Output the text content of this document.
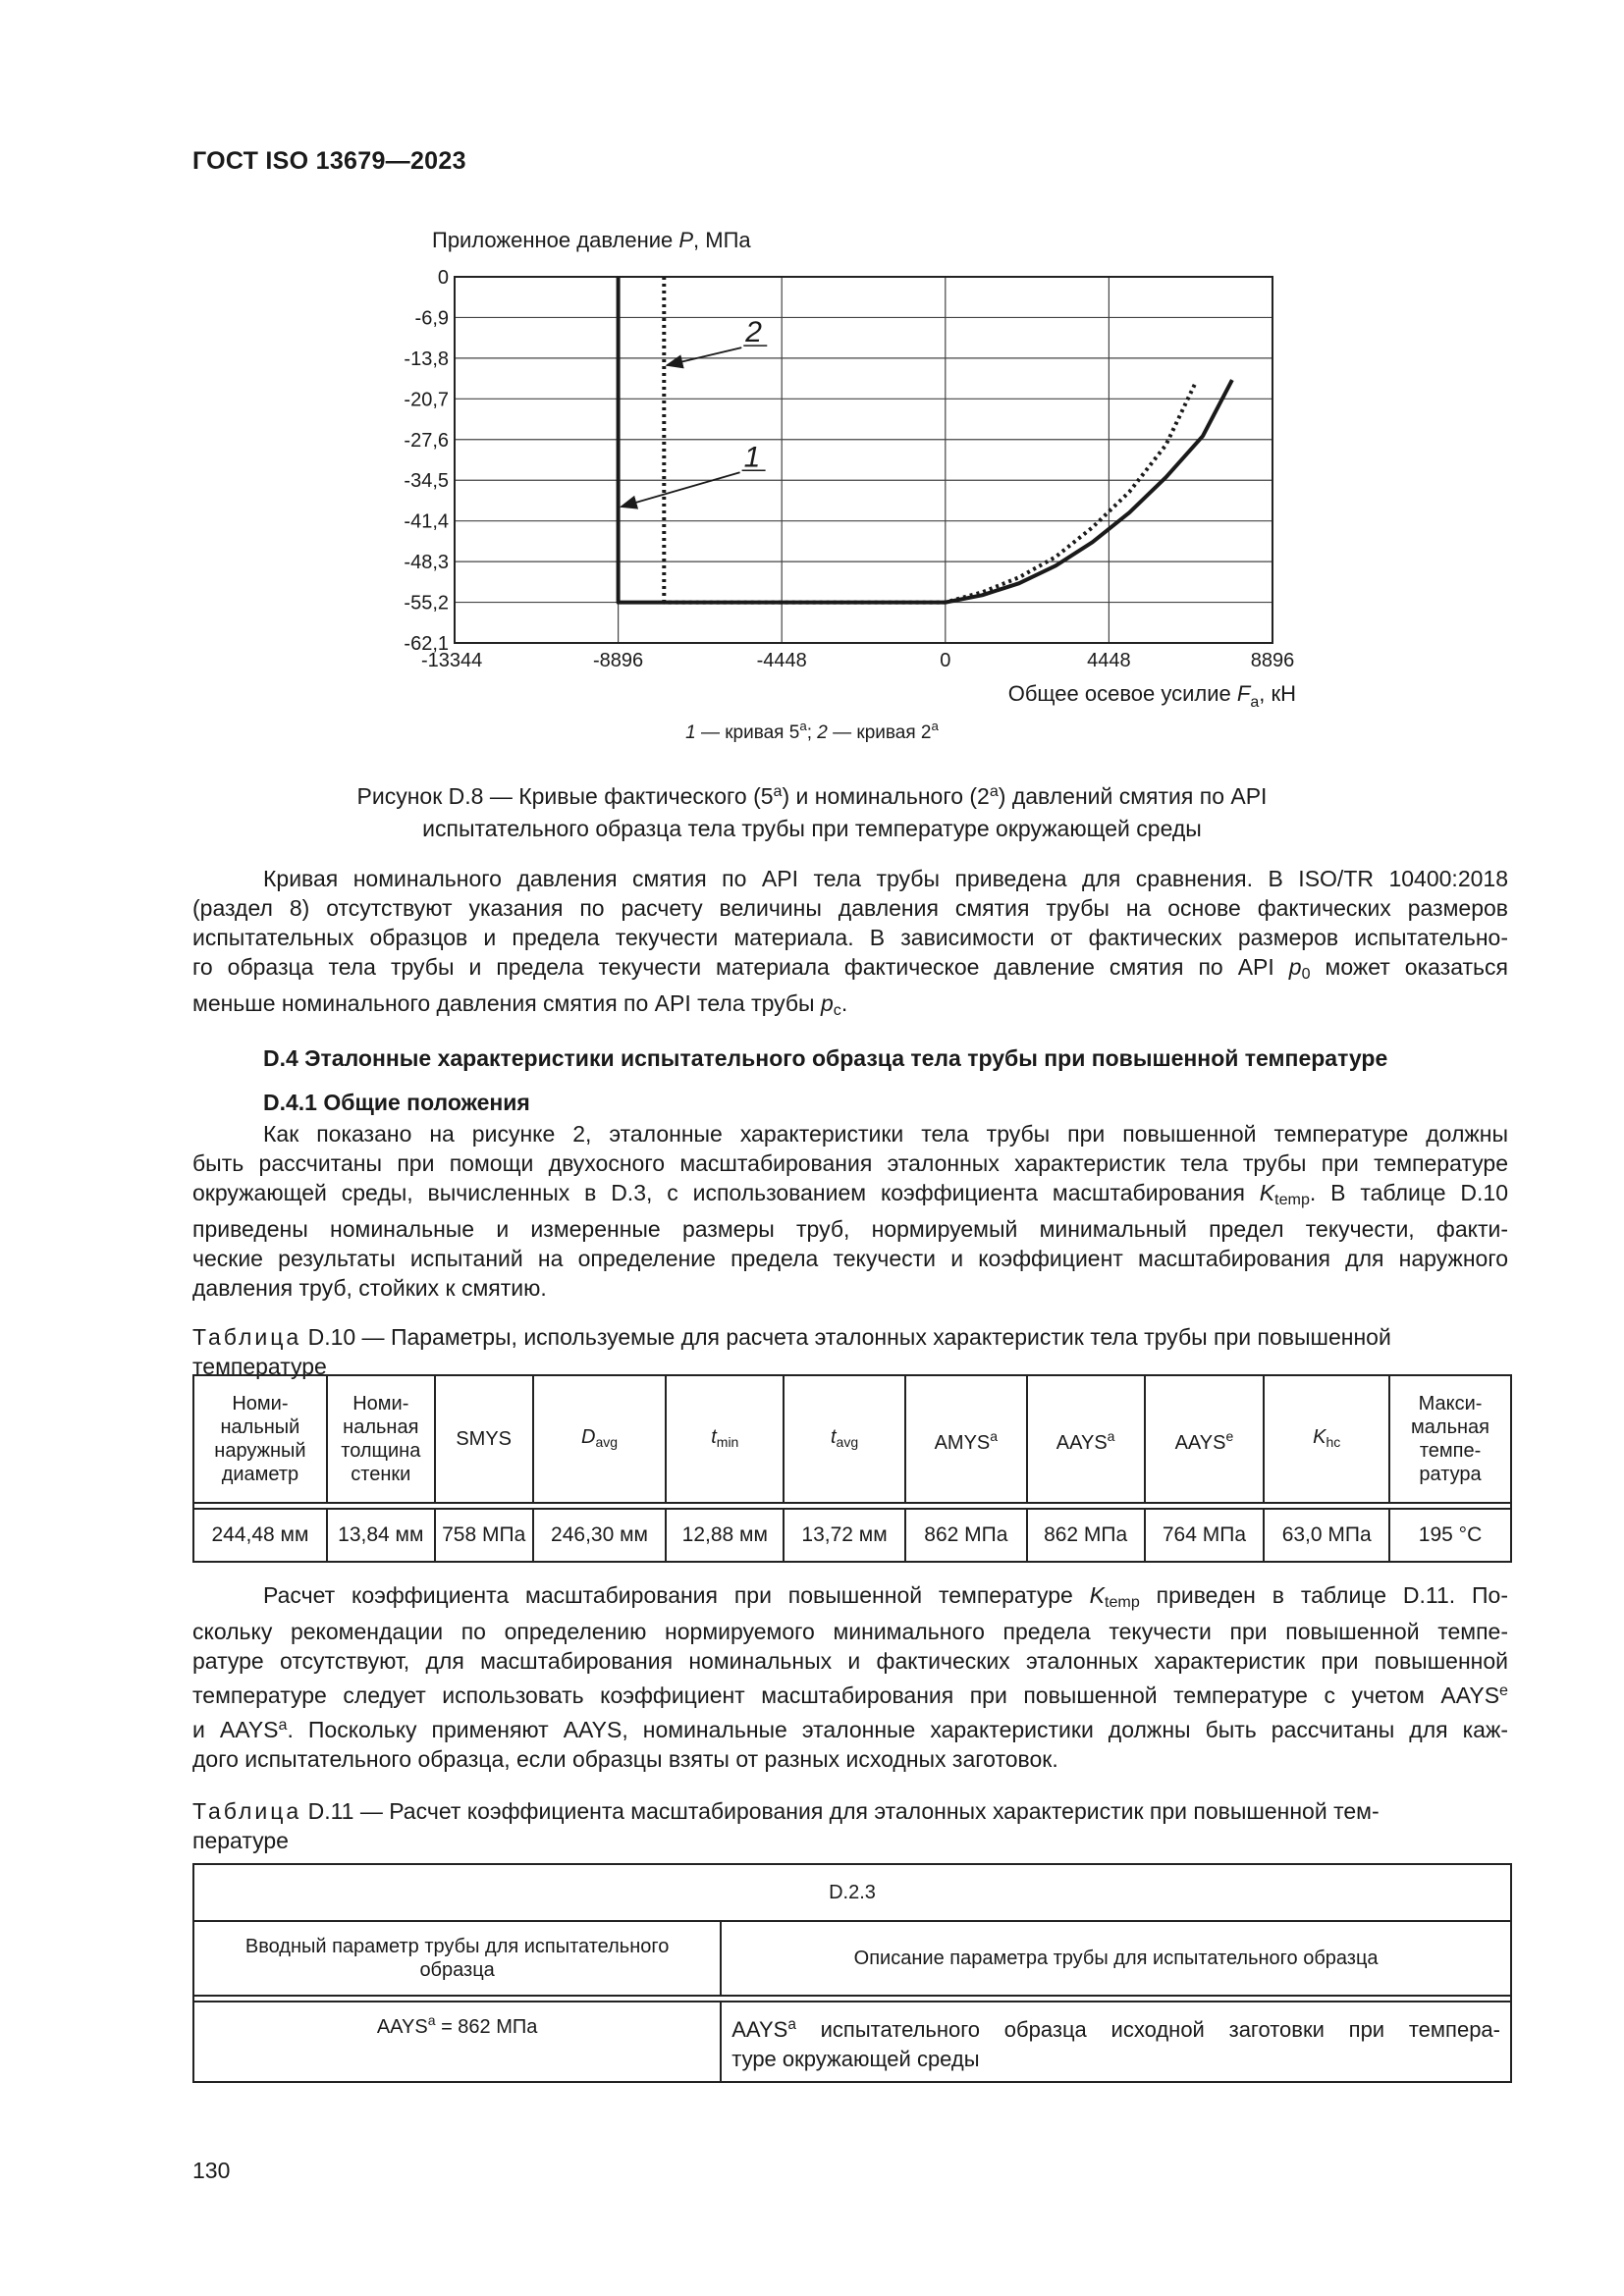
ГОСТ ISO 13679—2023
-13344	-8896	-4448	0	4448	8896
0
-6,9
-13,8
-20,7
-27,6
-34,5
-41,4
-48,3
-55,2
-62,1
1
2
Приложенное давление P, МПа
Общее осевое усилие $F_a$, кН
1 — кривая 5$^a$; 2 — кривая 2$^a$
Рисунок D.8 — Кривые фактического (5$^a$) и номинального (2$^a$) давлений смятия по API
испытательного образца тела трубы при температуре окружающей среды
Кривая номинального давления смятия по API тела трубы приведена для сравнения. В ISO/TR 10400:2018
(раздел 8) отсутствуют указания по расчету величины давления смятия трубы на основе фактических размеров
испытательных образцов и предела текучести материала. В зависимости от фактических размеров испытательно-
го образца тела трубы и предела текучести материала фактическое давление смятия по API $p_0$ может оказаться
меньше номинального давления смятия по API тела трубы $p_c$.
D.4 Эталонные характеристики испытательного образца тела трубы при повышенной температуре
D.4.1 Общие положения
Как показано на рисунке 2, эталонные характеристики тела трубы при повышенной температуре должны
быть рассчитаны при помощи двухосного масштабирования эталонных характеристик тела трубы при температуре
окружающей среды, вычисленных в D.3, с использованием коэффициента масштабирования $K_{temp}$. В таблице D.10
приведены номинальные и измеренные размеры труб, нормируемый минимальный предел текучести, факти-
ческие результаты испытаний на определение предела текучести и коэффициент масштабирования для наружного
давления труб, стойких к смятию.
Таблица D.10 — Параметры, используемые для расчета эталонных характеристик тела трубы при повышенной
температуре
Номи-
нальный
наружный
диаметр	Номи-
нальная
толщина
стенки	SMYS	$D_{avg}$	$t_{min}$	$t_{avg}$	AMYS$^a$	AAYS$^a$	AAYS$^e$	$K_{hc}$	Макси-
мальная
темпе-
ратура

244,48 мм	13,84 мм	758 МПа	246,30 мм	12,88 мм	13,72 мм	862 МПа	862 МПа	764 МПа	63,0 МПа	195 °С
Расчет коэффициента масштабирования при повышенной температуре $K_{temp}$ приведен в таблице D.11. По-
скольку рекомендации по определению нормируемого минимального предела текучести при повышенной темпе-
ратуре отсутствуют, для масштабирования номинальных и фактических эталонных характеристик при повышенной
температуре следует использовать коэффициент масштабирования при повышенной температуре с учетом AAYS$^e$
и AAYS$^a$. Поскольку применяют AAYS, номинальные эталонные характеристики должны быть рассчитаны для каж-
дого испытательного образца, если образцы взяты от разных исходных заготовок.
Таблица D.11 — Расчет коэффициента масштабирования для эталонных характеристик при повышенной тем-
пературе
D.2.3	
Вводный параметр трубы для испытательного
образца	Описание параметра трубы для испытательного образца

$AAYS^a = 862$ МПа	AAYS$^a$ испытательного образца исходной заготовки при темпера-
туре окружающей среды
130
